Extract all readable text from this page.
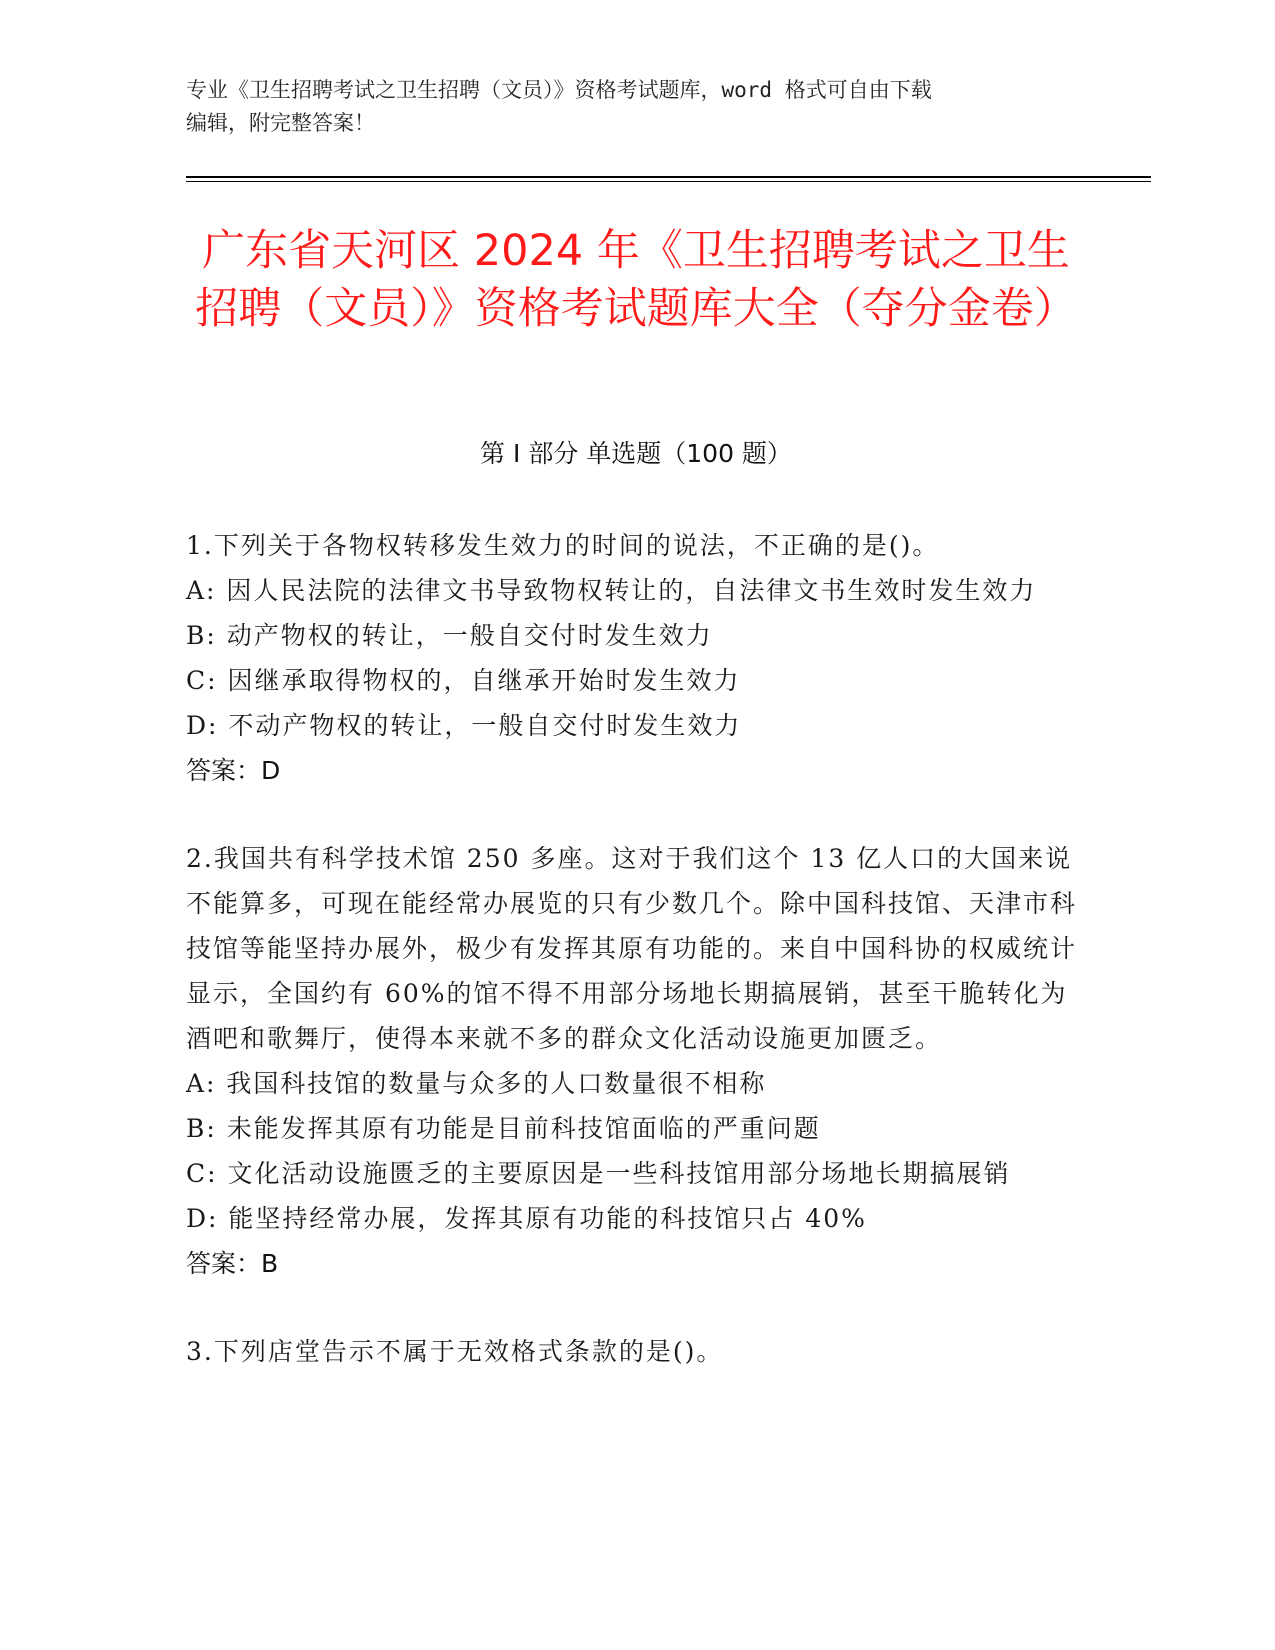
专业《卫生招聘考试之卫生招聘（文员）》资格考试题库，word 格式可自由下载
编辑，附完整答案！
广东省天河区 2024 年《卫生招聘考试之卫生招聘（文员）》资格考试题库大全（夺分金卷）
第 I 部分 单选题（100 题）
1.下列关于各物权转移发生效力的时间的说法，不正确的是()。
A: 因人民法院的法律文书导致物权转让的，自法律文书生效时发生效力
B: 动产物权的转让，一般自交付时发生效力
C: 因继承取得物权的，自继承开始时发生效力
D: 不动产物权的转让，一般自交付时发生效力
答案：D
2.我国共有科学技术馆 250 多座。这对于我们这个 13 亿人口的大国来说不能算多，可现在能经常办展览的只有少数几个。除中国科技馆、天津市科技馆等能坚持办展外，极少有发挥其原有功能的。来自中国科协的权威统计显示，全国约有 60%的馆不得不用部分场地长期搞展销，甚至干脆转化为酒吧和歌舞厅，使得本来就不多的群众文化活动设施更加匮乏。
A: 我国科技馆的数量与众多的人口数量很不相称
B: 未能发挥其原有功能是目前科技馆面临的严重问题
C: 文化活动设施匮乏的主要原因是一些科技馆用部分场地长期搞展销
D: 能坚持经常办展，发挥其原有功能的科技馆只占 40%
答案：B
3.下列店堂告示不属于无效格式条款的是()。
